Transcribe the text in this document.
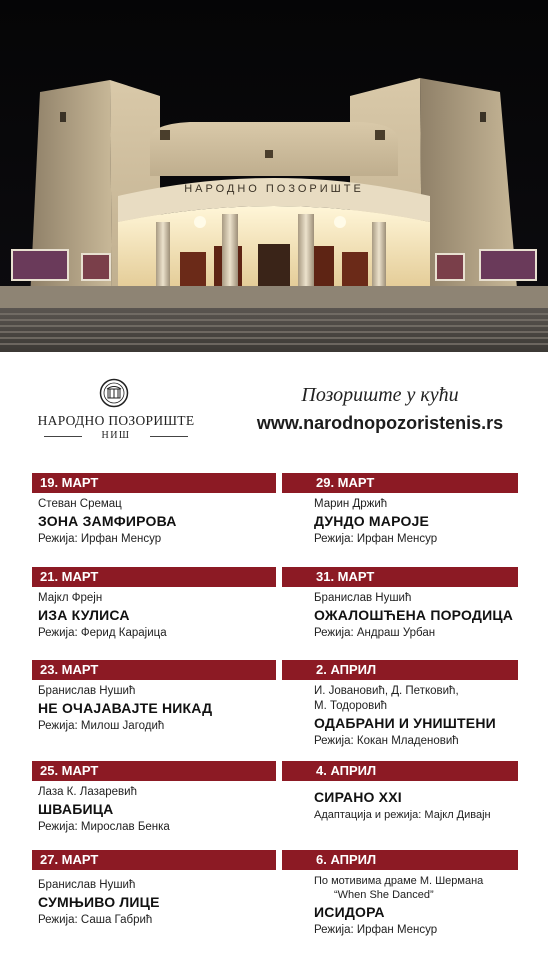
НАРОДНО ПОЗОРИШТЕ
НАРОДНО ПОЗОРИШТЕ
НИШ
Позориште у кући
www.narodnopozoristenis.rs
19. МАРТ
Стеван Сремац
ЗОНА ЗАМФИРОВА
Режија: Ирфан Менсур
21. МАРТ
Мајкл Фрејн
ИЗА КУЛИСА
Режија: Ферид Карајица
23. МАРТ
Бранислав Нушић
НЕ ОЧАЈАВАЈТЕ НИКАД
Режија: Милош Јагодић
25. МАРТ
Лаза К. Лазаревић
ШВАБИЦА
Режија: Мирослав Бенка
27. МАРТ
Бранислав Нушић
СУМЊИВО ЛИЦЕ
Режија: Саша Габрић
29. МАРТ
Марин Држић
ДУНДО МАРОЈЕ
Режија: Ирфан Менсур
31. МАРТ
Бранислав Нушић
ОЖАЛОШЋЕНА ПОРОДИЦА
Режија: Андраш Урбан
2. АПРИЛ
И. Јовановић, Д. Петковић,
М. Тодоровић
ОДАБРАНИ И УНИШТЕНИ
Режија: Кокан Младеновић
4. АПРИЛ
СИРАНО XXI
Адаптација и режија: Мајкл Дивајн
6. АПРИЛ
По мотивима драме М. Шермана
“When She Danced”
ИСИДОРА
Режија: Ирфан Менсур
